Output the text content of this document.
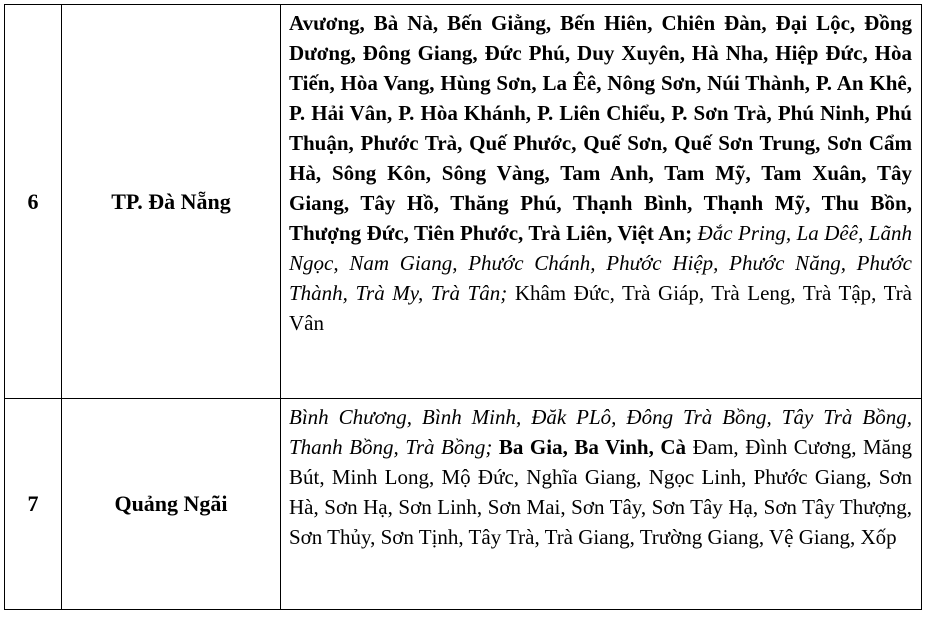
6	TP. Đà Nẵng	Avương, Bà Nà, Bến Giằng, Bến Hiên, Chiên Đàn, Đại Lộc, Đồng Dương, Đông Giang, Đức Phú, Duy Xuyên, Hà Nha, Hiệp Đức, Hòa Tiến, Hòa Vang, Hùng Sơn, La Êê, Nông Sơn, Núi Thành, P. An Khê, P. Hải Vân, P. Hòa Khánh, P. Liên Chiểu, P. Sơn Trà, Phú Ninh, Phú Thuận, Phước Trà, Quế Phước, Quế Sơn, Quế Sơn Trung, Sơn Cẩm Hà, Sông Kôn, Sông Vàng, Tam Anh, Tam Mỹ, Tam Xuân, Tây Giang, Tây Hồ, Thăng Phú, Thạnh Bình, Thạnh Mỹ, Thu Bồn, Thượng Đức, Tiên Phước, Trà Liên, Việt An; Đắc Pring, La Dêê, Lãnh Ngọc, Nam Giang, Phước Chánh, Phước Hiệp, Phước Năng, Phước Thành, Trà My, Trà Tân; Khâm Đức, Trà Giáp, Trà Leng, Trà Tập, Trà Vân
7	Quảng Ngãi	Bình Chương, Bình Minh, Đăk PLô, Đông Trà Bồng, Tây Trà Bồng, Thanh Bồng, Trà Bồng; Ba Gia, Ba Vinh, Cà Đam, Đình Cương, Măng Bút, Minh Long, Mộ Đức, Nghĩa Giang, Ngọc Linh, Phước Giang, Sơn Hà, Sơn Hạ, Sơn Linh, Sơn Mai, Sơn Tây, Sơn Tây Hạ, Sơn Tây Thượng, Sơn Thủy, Sơn Tịnh, Tây Trà, Trà Giang, Trường Giang, Vệ Giang, Xốp
